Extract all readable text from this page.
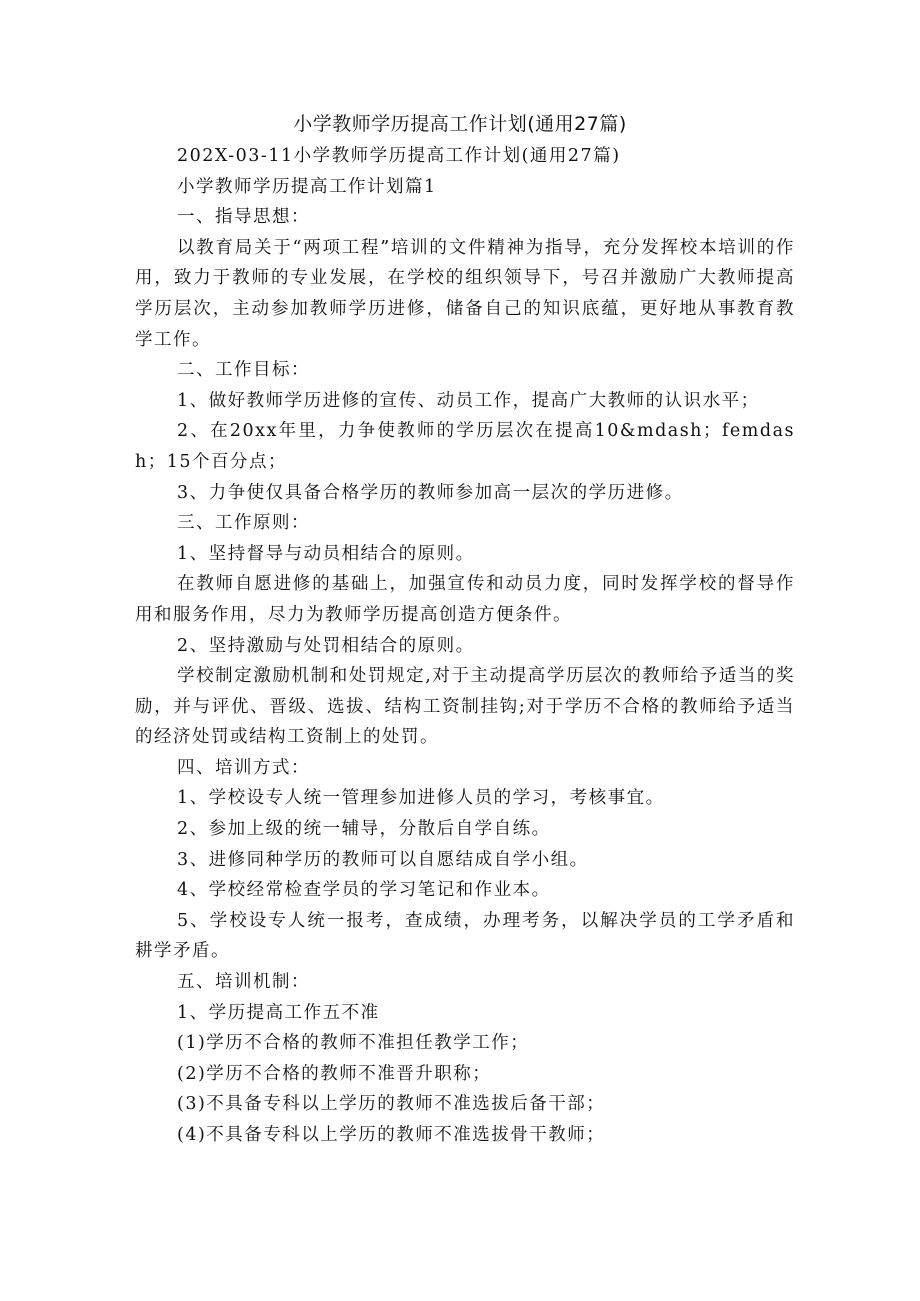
小学教师学历提高工作计划(通用27篇)

202X-03-11小学教师学历提高工作计划(通用27篇)

小学教师学历提高工作计划篇1

一、指导思想：

以教育局关于“两项工程”培训的文件精神为指导，充分发挥校本培训的作用，致力于教师的专业发展，在学校的组织领导下，号召并激励广大教师提高学历层次，主动参加教师学历进修，储备自己的知识底蕴，更好地从事教育教学工作。

二、工作目标：

1、做好教师学历进修的宣传、动员工作，提高广大教师的认识水平；

2、在20xx年里，力争使教师的学历层次在提高10&mdash；femdash；15个百分点；

3、力争使仅具备合格学历的教师参加高一层次的学历进修。

三、工作原则：

1、坚持督导与动员相结合的原则。

在教师自愿进修的基础上，加强宣传和动员力度，同时发挥学校的督导作用和服务作用，尽力为教师学历提高创造方便条件。

2、坚持激励与处罚相结合的原则。

学校制定激励机制和处罚规定,对于主动提高学历层次的教师给予适当的奖励，并与评优、晋级、选拔、结构工资制挂钩;对于学历不合格的教师给予适当的经济处罚或结构工资制上的处罚。

四、培训方式：

1、学校设专人统一管理参加进修人员的学习，考核事宜。

2、参加上级的统一辅导，分散后自学自练。

3、进修同种学历的教师可以自愿结成自学小组。

4、学校经常检查学员的学习笔记和作业本。

5、学校设专人统一报考，查成绩，办理考务，以解决学员的工学矛盾和耕学矛盾。

五、培训机制：

1、学历提高工作五不准

(1)学历不合格的教师不准担任教学工作；

(2)学历不合格的教师不准晋升职称；

(3)不具备专科以上学历的教师不准选拔后备干部；

(4)不具备专科以上学历的教师不准选拔骨干教师；
